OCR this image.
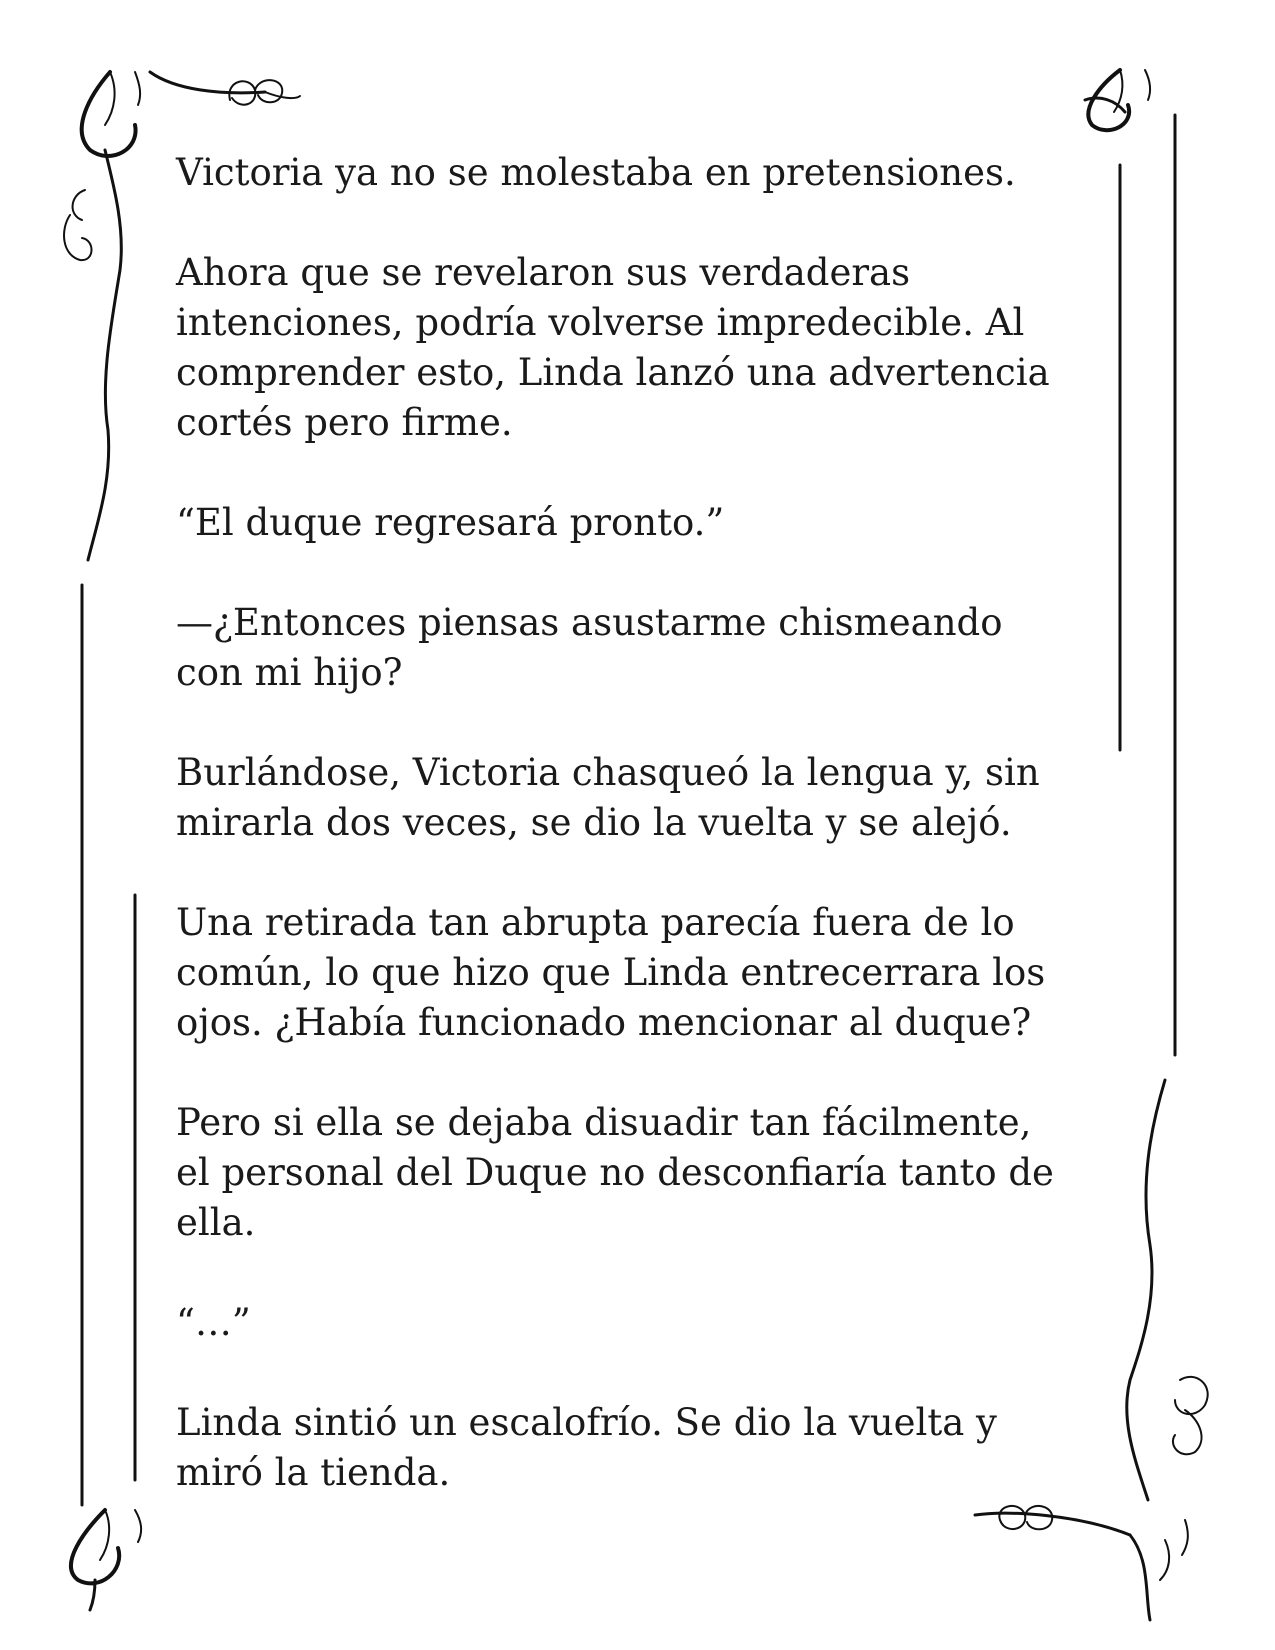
Victoria ya no se molestaba en pretensiones.

Ahora que se revelaron sus verdaderas intenciones, podría volverse impredecible. Al comprender esto, Linda lanzó una advertencia cortés pero firme.

“El duque regresará pronto.”

—¿Entonces piensas asustarme chismeando con mi hijo?

Burlándose, Victoria chasqueó la lengua y, sin mirarla dos veces, se dio la vuelta y se alejó.

Una retirada tan abrupta parecía fuera de lo común, lo que hizo que Linda entrecerrara los ojos. ¿Había funcionado mencionar al duque?

Pero si ella se dejaba disuadir tan fácilmente, el personal del Duque no desconfiaría tanto de ella.

“…”

Linda sintió un escalofrío. Se dio la vuelta y miró la tienda.
